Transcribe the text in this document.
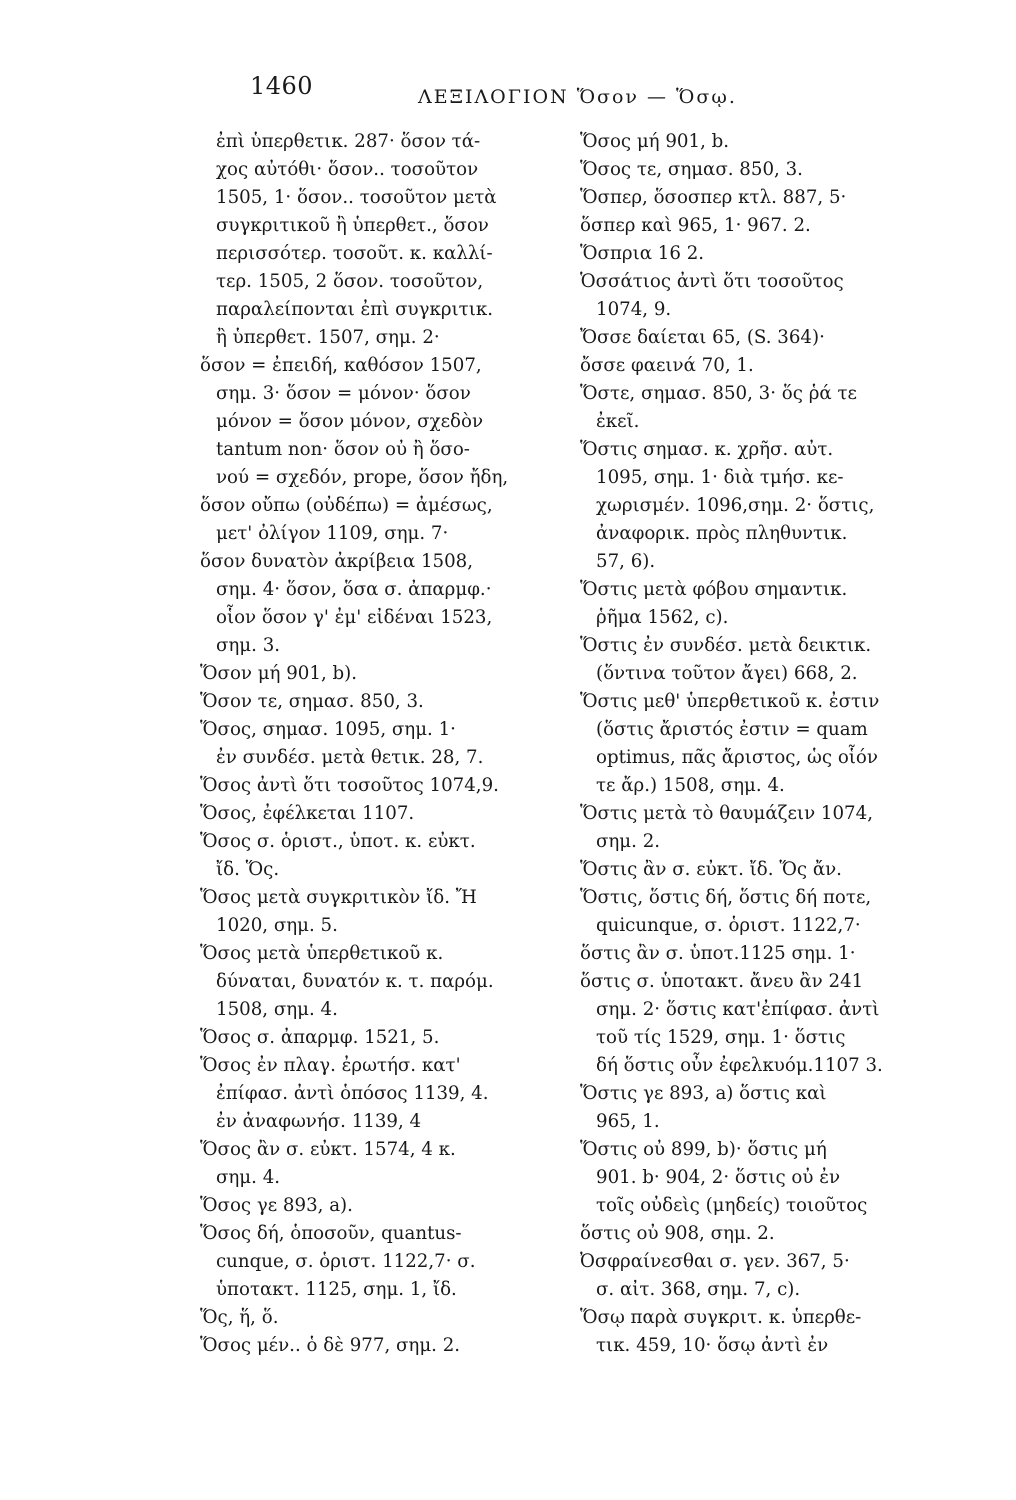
1460	ΛΕΞΙΛΟΓΙΟΝ Ὅσον — Ὅσῳ.
ἐπὶ ὑπερθετικ. 287· ὅσον τά-
χος αὐτόθι· ὅσον.. τοσοῦτον
1505, 1· ὅσον.. τοσοῦτον μετὰ
συγκριτικοῦ ἢ ὑπερθετ., ὅσον
περισσότερ. τοσοῦτ. κ. καλλί-
τερ. 1505, 2 ὅσον. τοσοῦτον,
παραλείπονται ἐπὶ συγκριτικ.
ἢ ὑπερθετ. 1507, σημ. 2·
ὅσον = ἐπειδή, καθόσον 1507,
σημ. 3· ὅσον = μόνον· ὅσον
μόνον = ὅσον μόνον, σχεδὸν
tantum non· ὅσον οὐ ἢ ὅσο-
νού = σχεδόν, prope, ὅσον ἤδη,
ὅσον οὔπω (οὐδέπω) = ἀμέσως,
μετ' ὀλίγον 1109, σημ. 7·
ὅσον δυνατὸν ἀκρίβεια 1508,
σημ. 4· ὅσον, ὅσα σ. ἀπαρμφ.·
οἷον ὅσον γ' ἐμ' εἰδέναι 1523,
σημ. 3.
Ὅσον μή 901, b).
Ὅσον τε, σημασ. 850, 3.
Ὅσος, σημασ. 1095, σημ. 1·
ἐν συνδέσ. μετὰ θετικ. 28, 7.
Ὅσος ἀντὶ ὅτι τοσοῦτος 1074,9.
Ὅσος, ἐφέλκεται 1107.
Ὅσος σ. ὁριστ., ὑποτ. κ. εὐκτ.
ἴδ. Ὅς.
Ὅσος μετὰ συγκριτικὸν ἴδ. Ἤ
1020, σημ. 5.
Ὅσος μετὰ ὑπερθετικοῦ κ.
δύναται, δυνατόν κ. τ. παρόμ.
1508, σημ. 4.
Ὅσος σ. ἀπαρμφ. 1521, 5.
Ὅσος ἐν πλαγ. ἐρωτήσ. κατ'
ἐπίφασ. ἀντὶ ὁπόσος 1139, 4.
ἐν ἀναφωνήσ. 1139, 4
Ὅσος ἂν σ. εὐκτ. 1574, 4 κ.
σημ. 4.
Ὅσος γε 893, a).
Ὅσος δή, ὁποσοῦν, quantus-
cunque, σ. ὁριστ. 1122,7· σ.
ὑποτακτ. 1125, σημ. 1, ἴδ.
Ὅς, ἥ, ὅ.
Ὅσος μέν.. ὁ δὲ 977, σημ. 2.
Ὅσος μή 901, b.
Ὅσος τε, σημασ. 850, 3.
Ὅσπερ, ὅσοσπερ κτλ. 887, 5·
ὅσπερ καὶ 965, 1· 967. 2.
Ὅσπρια 16 2.
Ὁσσάτιος ἀντὶ ὅτι τοσοῦτος
1074, 9.
Ὄσσε δαίεται 65, (S. 364)·
ὄσσε φαεινά 70, 1.
Ὅστε, σημασ. 850, 3· ὅς ῥά τε
ἐκεῖ.
Ὅστις σημασ. κ. χρῆσ. αὐτ.
1095, σημ. 1· διὰ τμήσ. κε-
χωρισμέν. 1096,σημ. 2· ὅστις,
ἀναφορικ. πρὸς πληθυντικ.
57, 6).
Ὅστις μετὰ φόβου σημαντικ.
ῥῆμα 1562, c).
Ὅστις ἐν συνδέσ. μετὰ δεικτικ.
(ὅντινα τοῦτον ἄγει) 668, 2.
Ὅστις μεθ' ὑπερθετικοῦ κ. ἐστιν
(ὅστις ἄριστός ἐστιν = quam
optimus, πᾶς ἄριστος, ὡς οἷόν
τε ἄρ.) 1508, σημ. 4.
Ὅστις μετὰ τὸ θαυμάζειν 1074,
σημ. 2.
Ὅστις ἂν σ. εὐκτ. ἴδ. Ὅς ἄν.
Ὅστις, ὅστις δή, ὅστις δή ποτε,
quicunque, σ. ὁριστ. 1122,7·
ὅστις ἂν σ. ὑποτ.1125 σημ. 1·
ὅστις σ. ὑποτακτ. ἄνευ ἂν 241
σημ. 2· ὅστις κατ'ἐπίφασ. ἀντὶ
τοῦ τίς 1529, σημ. 1· ὅστις
δή ὅστις οὖν ἐφελκυόμ.1107 3.
Ὅστις γε 893, a) ὅστις καὶ
965, 1.
Ὅστις οὐ 899, b)· ὅστις μή
901. b· 904, 2· ὅστις οὐ ἐν
τοῖς οὐδεὶς (μηδείς) τοιοῦτος
ὅστις οὐ 908, σημ. 2.
Ὀσφραίνεσθαι σ. γεν. 367, 5·
σ. αἰτ. 368, σημ. 7, c).
Ὅσῳ παρὰ συγκριτ. κ. ὑπερθε-
τικ. 459, 10· ὅσῳ ἀντὶ ἐν
